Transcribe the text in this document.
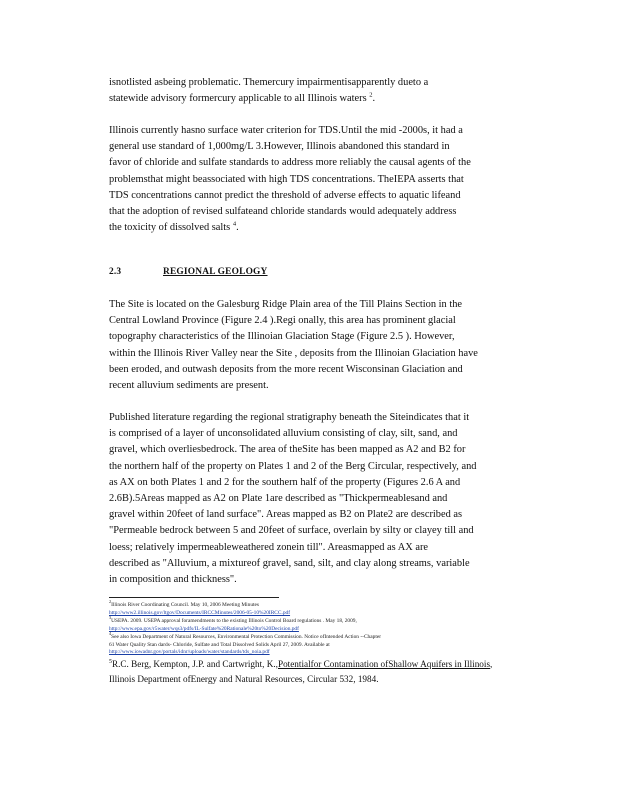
isnotlisted asbeing problematic. Themercury impairmentisapparently dueto a

statewide advisory formercury applicable to all Illinois waters $^2$.

Illinois currently hasno surface water criterion for TDS.Until the mid -2000s, it had a

general use standard of 1,000mg/L 3.However, Illinois abandoned this standard in

favor of chloride and sulfate standards to address more reliably the causal agents of the

problemsthat might beassociated with high TDS concentrations. TheIEPA asserts that

TDS concentrations cannot predict the threshold of adverse effects to aquatic lifeand

that the adoption of revised sulfateand chloride standards would adequately address

the toxicity of dissolved salts $^4$.

2.3	REGIONAL GEOLOGY

The Site is located on the Galesburg Ridge Plain area of the Till Plains Section in the

Central Lowland Province (Figure 2.4 ).Regi onally, this area has prominent glacial

topography characteristics of the Illinoian Glaciation Stage (Figure 2.5 ). However,

within the Illinois River Valley near the Site , deposits from the Illinoian Glaciation have

been eroded, and outwash deposits from the more recent Wisconsinan Glaciation and

recent alluvium sediments are present.

Published literature regarding the regional stratigraphy beneath the Siteindicates that it

is comprised of a layer of unconsolidated alluvium consisting of clay, silt, sand, and

gravel, which overliesbedrock. The area of theSite has been mapped as A2 and B2 for

the northern half of the property on Plates 1 and 2 of the Berg Circular, respectively, and

as AX on both Plates 1 and 2 for the southern half of the property (Figures 2.6 A and

2.6B).5Areas mapped as A2 on Plate 1are described as "Thickpermeablesand and

gravel within 20feet of land surface". Areas mapped as B2 on Plate2 are described as

"Permeable bedrock between 5 and 20feet of surface, overlain by silty or clayey till and

loess; relatively impermeableweathered zonein till". Areasmapped as AX are

described as "Alluvium, a mixtureof gravel, sand, silt, and clay along streams, variable

in composition and thickness".

$^2$Illinois River Coordinating Council. May 10, 2006 Meeting Minutes
http://www2.illinois.gov/ltgov/Documents/IRCCMinutes/2006-05-10%20IRCC.pdf
$^3$USEPA. 2009. USEPA approval foramendments to the existing Illinois Control Board regulations . May 18, 2009,
http://www.epa.gov/r5water/wqs3/pdfs/IL-Sulfate%20Rationale%20to%20Decision.pdf
$^4$See also Iowa Department of Natural Resources, Environmental Protection Commission. Notice ofIntended Action --Chapter
61 Water Quality Stan dards- Chloride, Sulfate and Total Dissolved Solids April 27, 2009. Available at
http://www.iowadnr.gov/portals/idnr/uploads/water/standards/tds_noia.pdf
$^5$R.C. Berg, Kempton, J.P. and Cartwright, K.,Potentialfor Contamination ofShallow Aquifers in Illinois,
Illinois Department ofEnergy and Natural Resources, Circular 532, 1984.
